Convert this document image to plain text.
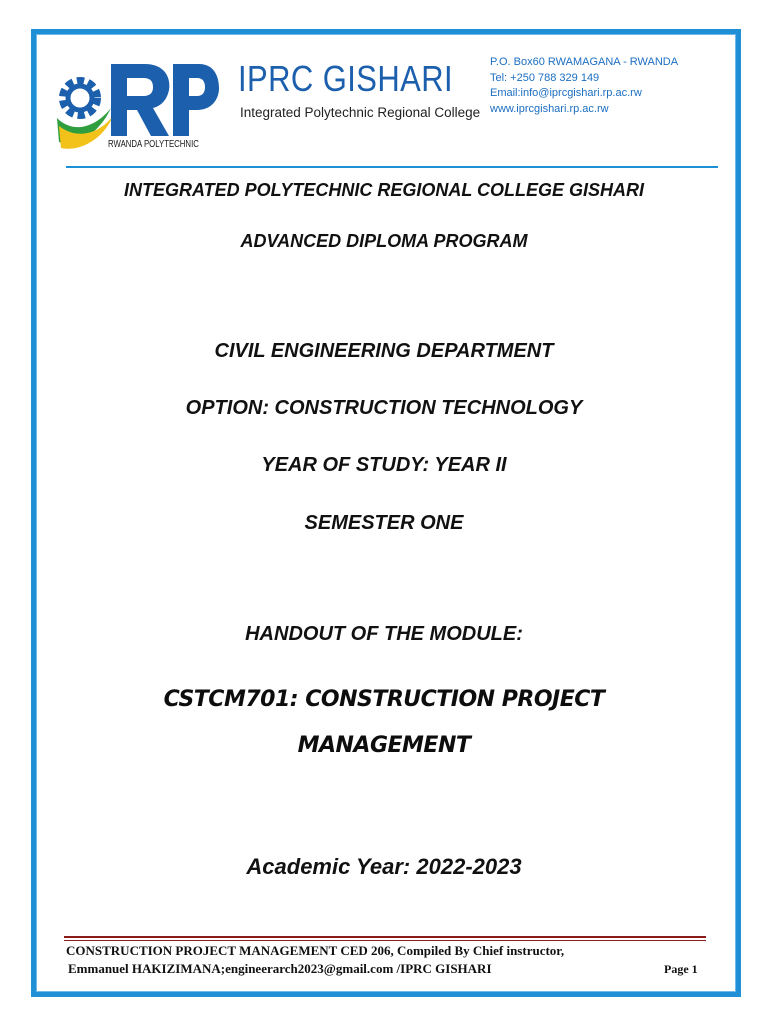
RWANDA POLYTECHNIC
IPRC GISHARI
Integrated Polytechnic Regional College
P.O. Box60 RWAMAGANA - RWANDA
Tel: +250 788 329 149
Email:info@iprcgishari.rp.ac.rw
www.iprcgishari.rp.ac.rw
INTEGRATED POLYTECHNIC REGIONAL COLLEGE GISHARI
ADVANCED DIPLOMA PROGRAM
CIVIL ENGINEERING DEPARTMENT
OPTION: CONSTRUCTION TECHNOLOGY
YEAR OF STUDY: YEAR II
SEMESTER ONE
HANDOUT OF THE MODULE:
CSTCM701: CONSTRUCTION PROJECT
MANAGEMENT
Academic Year: 2022-2023
CONSTRUCTION PROJECT MANAGEMENT CED 206, Compiled By Chief instructor,
Emmanuel HAKIZIMANA;engineerarch2023@gmail.com /IPRC GISHARI	Page 1
